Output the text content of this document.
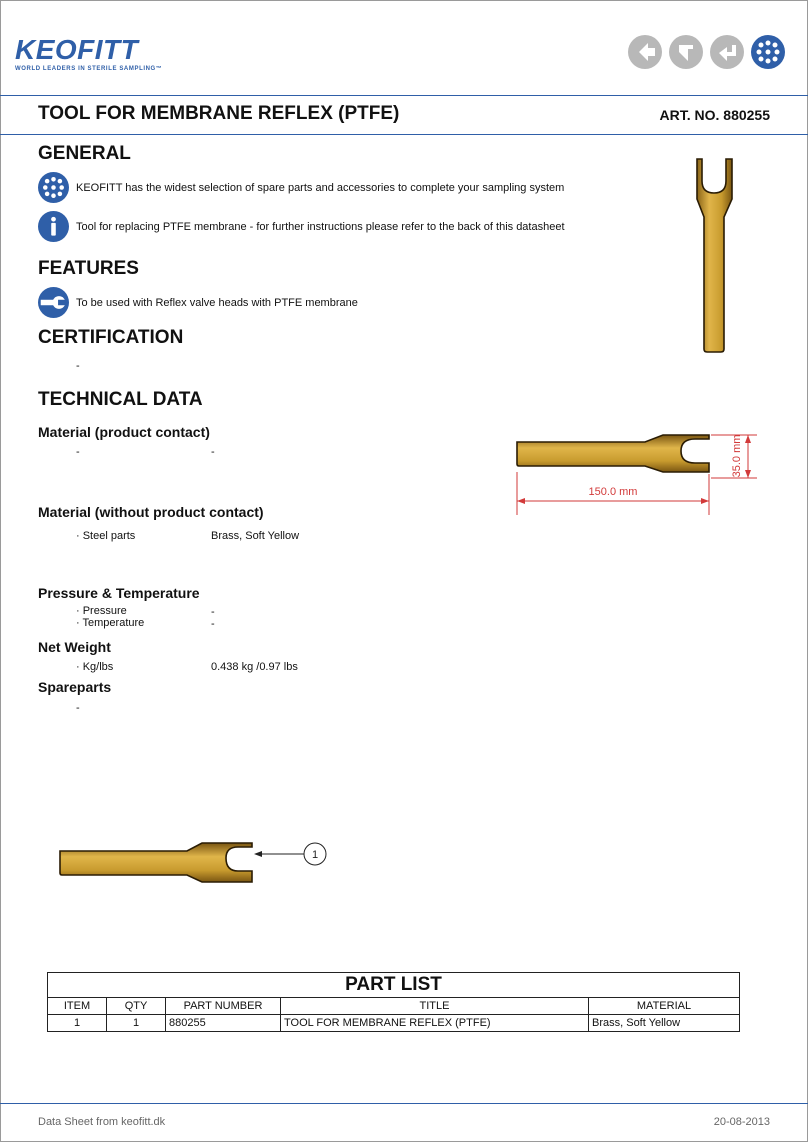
KEOFITT
WORLD LEADERS IN STERILE SAMPLING™
TOOL FOR MEMBRANE REFLEX (PTFE)	ART. NO. 880255
GENERAL
KEOFITT has the widest selection of spare parts and accessories to complete your sampling system
Tool for replacing PTFE membrane - for further instructions please refer to the back of this datasheet
FEATURES
To be used with Reflex valve heads with PTFE membrane
CERTIFICATION
-
TECHNICAL DATA
Material (product contact)
-	-
Material (without product contact)
· Steel parts	Brass, Soft Yellow
Pressure & Temperature
· Pressure	-
· Temperature	-
Net Weight
· Kg/lbs	0.438 kg /0.97 lbs
Spareparts
-
150.0 mm
35.0 mm
1
PART LIST				
ITEM	QTY	PART NUMBER	TITLE	MATERIAL
1	1	880255	TOOL FOR MEMBRANE REFLEX (PTFE)	Brass, Soft Yellow
Data Sheet from keofitt.dk	20-08-2013
